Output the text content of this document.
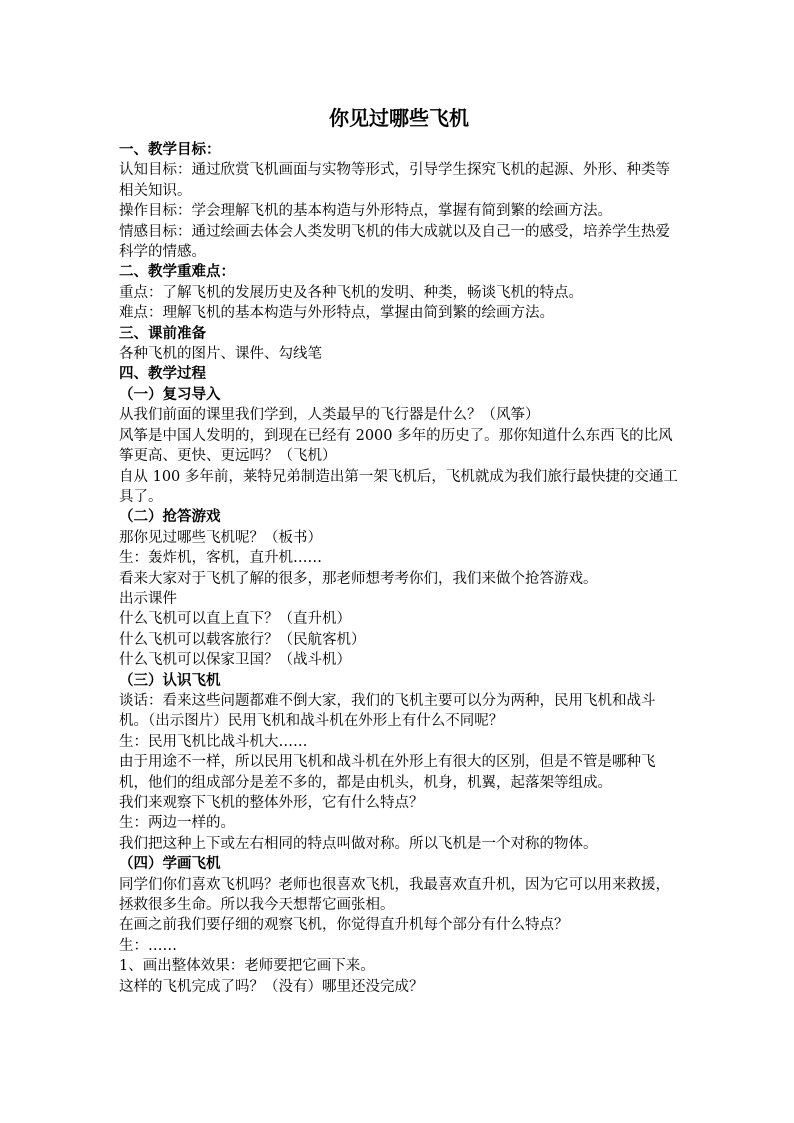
你见过哪些飞机
一、教学目标：
认知目标：通过欣赏飞机画面与实物等形式，引导学生探究飞机的起源、外形、种类等相关知识。
操作目标：学会理解飞机的基本构造与外形特点，掌握有简到繁的绘画方法。
情感目标：通过绘画去体会人类发明飞机的伟大成就以及自己一的感受，培养学生热爱科学的情感。
二、教学重难点：
重点：了解飞机的发展历史及各种飞机的发明、种类，畅谈飞机的特点。
难点：理解飞机的基本构造与外形特点，掌握由简到繁的绘画方法。
三、课前准备
各种飞机的图片、课件、勾线笔
四、教学过程
（一）复习导入
从我们前面的课里我们学到，人类最早的飞行器是什么？（风筝）
风筝是中国人发明的，到现在已经有 2000 多年的历史了。那你知道什么东西飞的比风筝更高、更快、更远吗？（飞机）
自从 100 多年前，莱特兄弟制造出第一架飞机后，飞机就成为我们旅行最快捷的交通工具了。
（二）抢答游戏
那你见过哪些飞机呢？（板书）
生：轰炸机，客机，直升机……
看来大家对于飞机了解的很多，那老师想考考你们，我们来做个抢答游戏。
出示课件
什么飞机可以直上直下？（直升机）
什么飞机可以载客旅行？（民航客机）
什么飞机可以保家卫国？（战斗机）
（三）认识飞机
谈话：看来这些问题都难不倒大家，我们的飞机主要可以分为两种，民用飞机和战斗机。（出示图片）民用飞机和战斗机在外形上有什么不同呢？
生：民用飞机比战斗机大……
由于用途不一样，所以民用飞机和战斗机在外形上有很大的区别，但是不管是哪种飞机，他们的组成部分是差不多的，都是由机头，机身，机翼，起落架等组成。
我们来观察下飞机的整体外形，它有什么特点？
生：两边一样的。
我们把这种上下或左右相同的特点叫做对称。所以飞机是一个对称的物体。
（四）学画飞机
同学们你们喜欢飞机吗？老师也很喜欢飞机，我最喜欢直升机，因为它可以用来救援，拯救很多生命。所以我今天想帮它画张相。
在画之前我们要仔细的观察飞机，你觉得直升机每个部分有什么特点？
生：……
1、画出整体效果：老师要把它画下来。
这样的飞机完成了吗？（没有）哪里还没完成？
